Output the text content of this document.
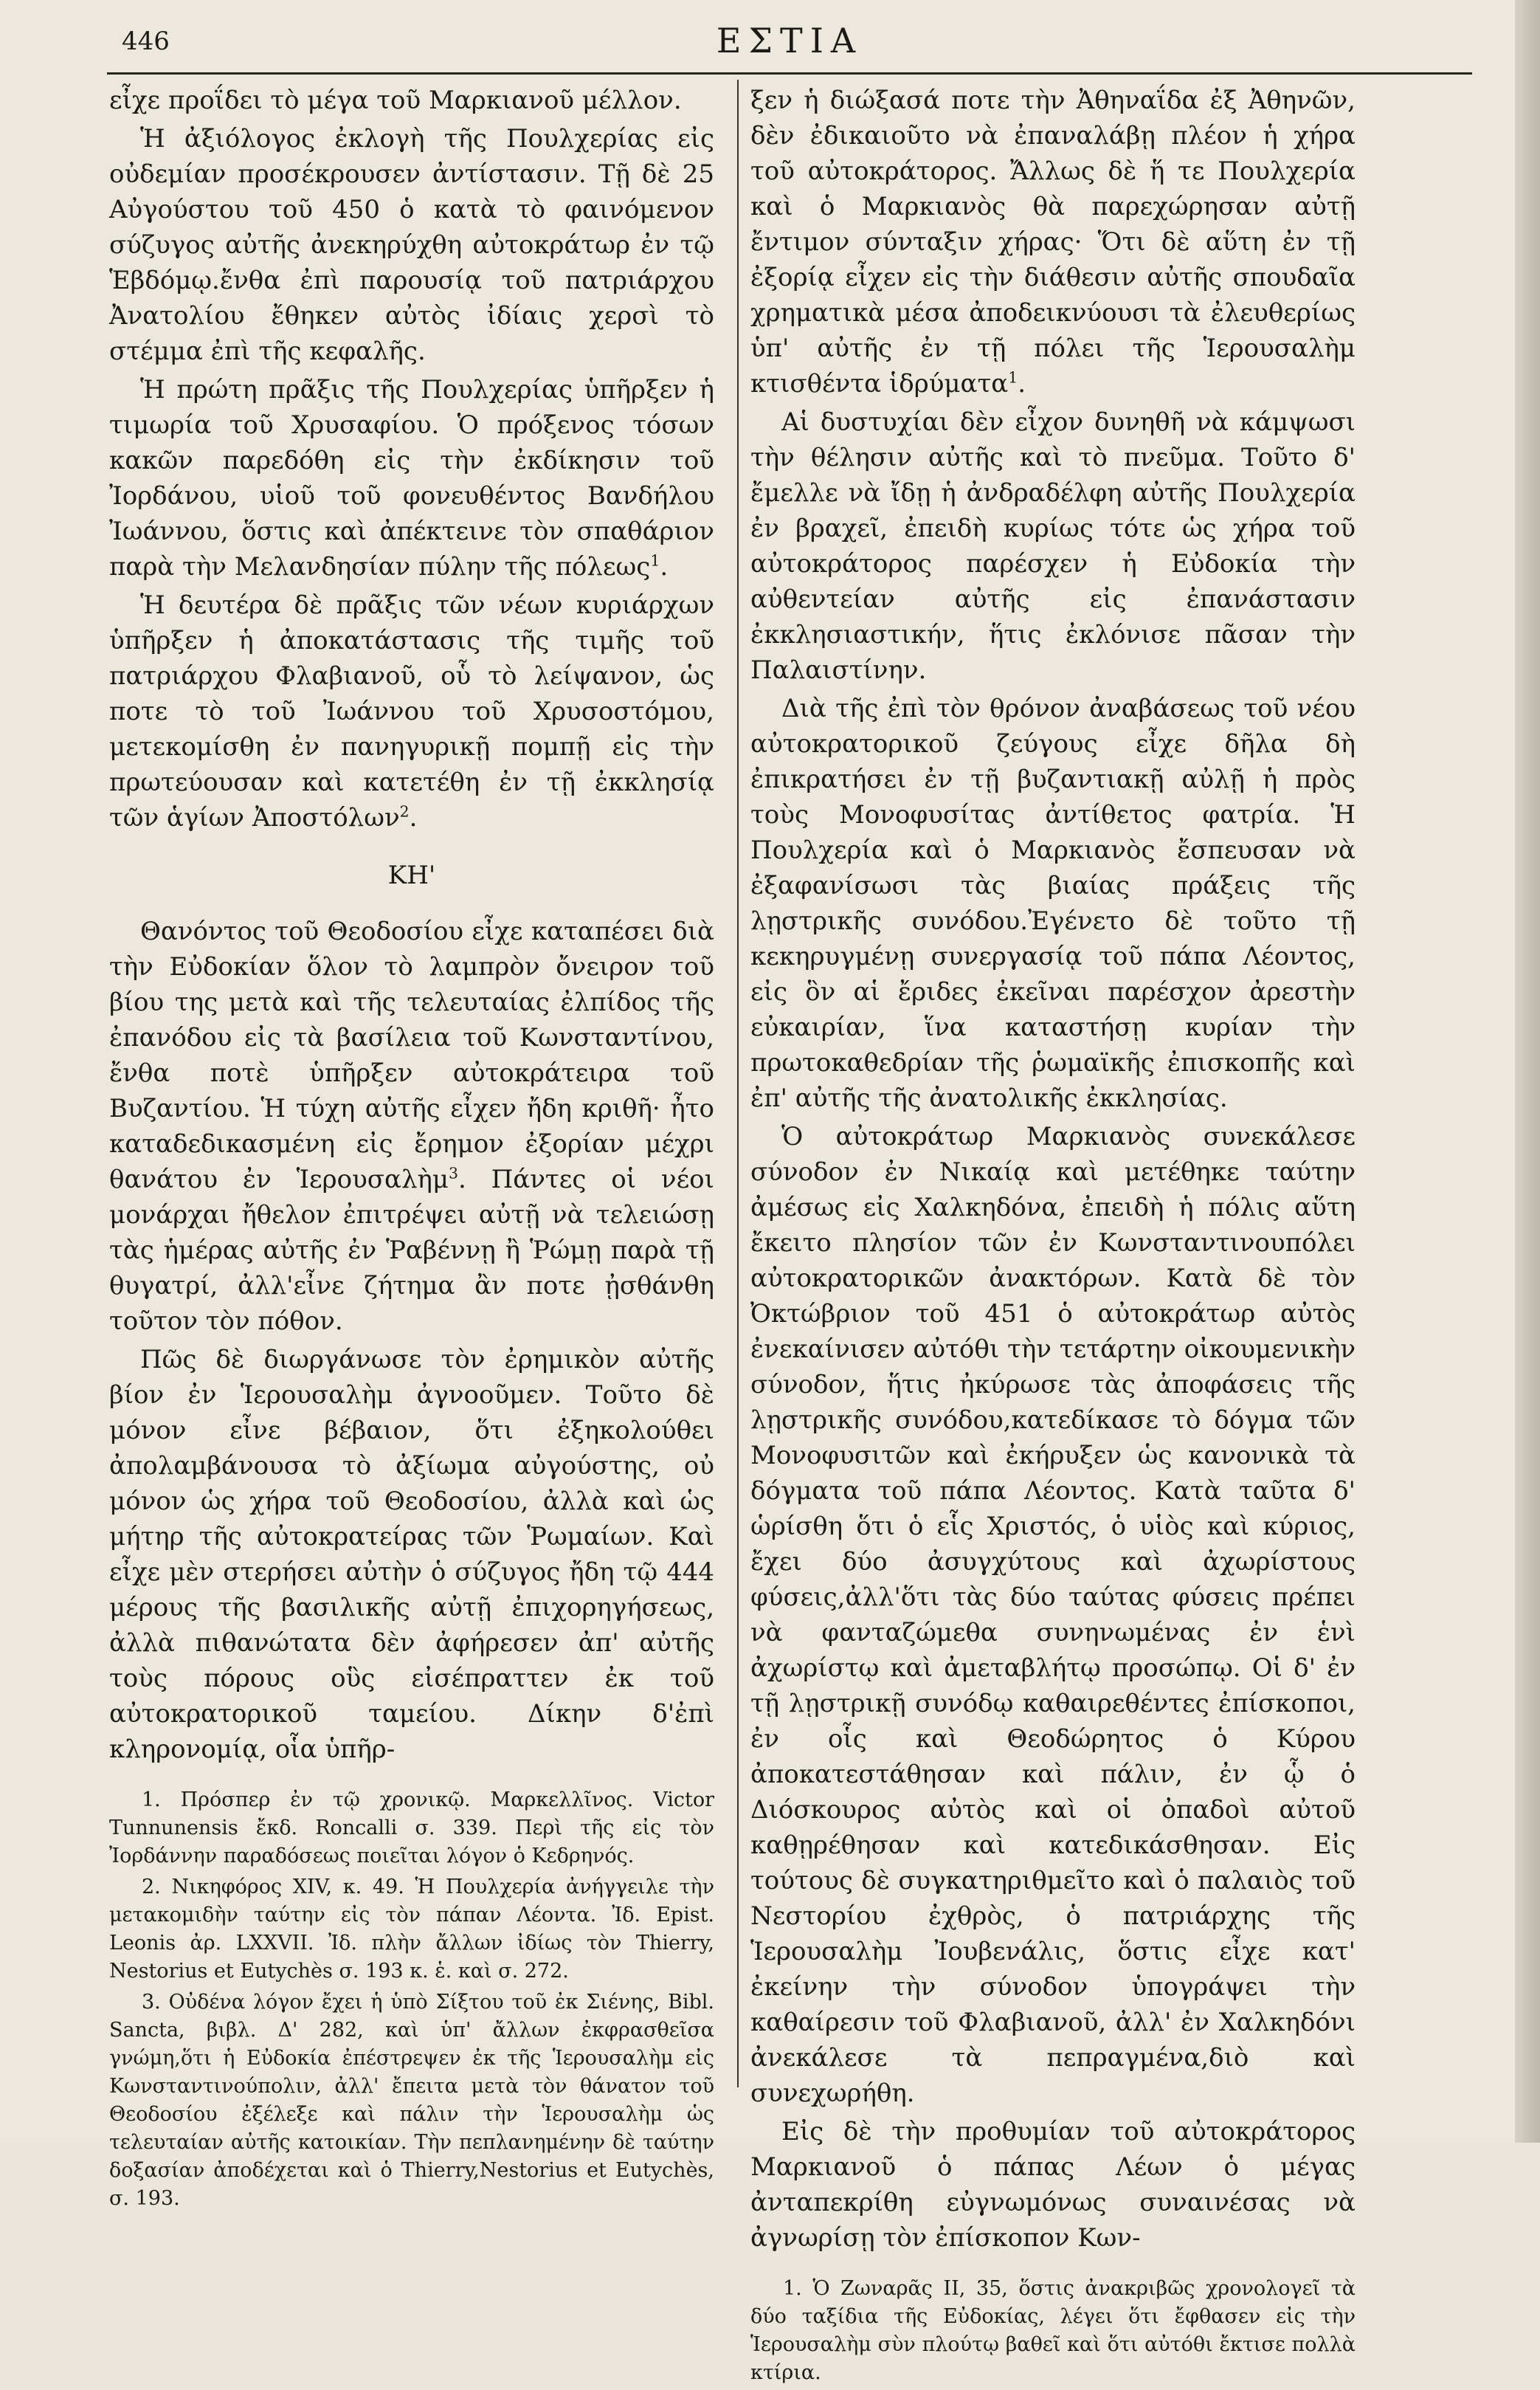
446	ΕΣΤΙΑ

εἶχε προΐδει τὸ μέγα τοῦ Μαρκιανοῦ μέλλον.

Ἡ ἀξιόλογος ἐκλογὴ τῆς Πουλχερίας εἰς οὐδεμίαν προσέκρουσεν ἀντίστασιν. Τῇ δὲ 25 Αὐγούστου τοῦ 450 ὁ κατὰ τὸ φαινόμενον σύζυγος αὐτῆς ἀνεκηρύχθη αὐτοκράτωρ ἐν τῷ Ἑβδόμῳ.ἔνθα ἐπὶ παρουσίᾳ τοῦ πατριάρχου Ἀνατολίου ἔθηκεν αὐτὸς ἰδίαις χερσὶ τὸ στέμμα ἐπὶ τῆς κεφαλῆς.

Ἡ πρώτη πρᾶξις τῆς Πουλχερίας ὑπῆρξεν ἡ τιμωρία τοῦ Χρυσαφίου. Ὁ πρόξενος τόσων κακῶν παρεδόθη εἰς τὴν ἐκδίκησιν τοῦ Ἰορδάνου, υἱοῦ τοῦ φονευθέντος Βανδήλου Ἰωάννου, ὅστις καὶ ἀπέκτεινε τὸν σπαθάριον παρὰ τὴν Μελανδησίαν πύλην τῆς πόλεως$^1$.

Ἡ δευτέρα δὲ πρᾶξις τῶν νέων κυριάρχων ὑπῆρξεν ἡ ἀποκατάστασις τῆς τιμῆς τοῦ πατριάρχου Φλαβιανοῦ, οὗ τὸ λείψανον, ὡς ποτε τὸ τοῦ Ἰωάννου τοῦ Χρυσοστόμου, μετεκομίσθη ἐν πανηγυρικῇ πομπῇ εἰς τὴν πρωτεύουσαν καὶ κατετέθη ἐν τῇ ἐκκλησίᾳ τῶν ἁγίων Ἀποστόλων$^2$.

ΚΗ'

Θανόντος τοῦ Θεοδοσίου εἶχε καταπέσει διὰ τὴν Εὐδοκίαν ὅλον τὸ λαμπρὸν ὄνειρον τοῦ βίου της μετὰ καὶ τῆς τελευταίας ἐλπίδος τῆς ἐπανόδου εἰς τὰ βασίλεια τοῦ Κωνσταντίνου, ἔνθα ποτὲ ὑπῆρξεν αὐτοκράτειρα τοῦ Βυζαντίου. Ἡ τύχη αὐτῆς εἶχεν ἤδη κριθῆ· ἦτο καταδεδικασμένη εἰς ἔρημον ἐξορίαν μέχρι θανάτου ἐν Ἱερουσαλὴμ$^3$. Πάντες οἱ νέοι μονάρχαι ἤθελον ἐπιτρέψει αὐτῇ νὰ τελειώσῃ τὰς ἡμέρας αὐτῆς ἐν Ῥαβέννῃ ἢ Ῥώμῃ παρὰ τῇ θυγατρί, ἀλλ'εἶνε ζήτημα ἂν ποτε ᾐσθάνθη τοῦτον τὸν πόθον.

Πῶς δὲ διωργάνωσε τὸν ἐρημικὸν αὐτῆς βίον ἐν Ἱερουσαλὴμ ἀγνοοῦμεν. Τοῦτο δὲ μόνον εἶνε βέβαιον, ὅτι ἐξηκολούθει ἀπολαμβάνουσα τὸ ἀξίωμα αὐγούστης, οὐ μόνον ὡς χήρα τοῦ Θεοδοσίου, ἀλλὰ καὶ ὡς μήτηρ τῆς αὐτοκρατείρας τῶν Ῥωμαίων. Καὶ εἶχε μὲν στερήσει αὐτὴν ὁ σύζυγος ἤδη τῷ 444 μέρους τῆς βασιλικῆς αὐτῇ ἐπιχορηγήσεως, ἀλλὰ πιθανώτατα δὲν ἀφήρεσεν ἀπ' αὐτῆς τοὺς πόρους οὓς εἰσέπραττεν ἐκ τοῦ αὐτοκρατορικοῦ ταμείου. Δίκην δ'ἐπὶ κληρονομίᾳ, οἷα ὑπῆρ-

1. Πρόσπερ ἐν τῷ χρονικῷ. Μαρκελλῖνος. Victor Tunnunensis ἔκδ. Roncalli σ. 339. Περὶ τῆς εἰς τὸν Ἰορδάννην παραδόσεως ποιεῖται λόγον ὁ Κεδρηνός.

2. Νικηφόρος XIV, κ. 49. Ἡ Πουλχερία ἀνήγγειλε τὴν μετακομιδὴν ταύτην εἰς τὸν πάπαν Λέοντα. Ἰδ. Epist. Leonis ἀρ. LXXVII. Ἰδ. πλὴν ἄλλων ἰδίως τὸν Thierry, Nestorius et Eutychès σ. 193 κ. ἑ. καὶ σ. 272.

3. Οὐδένα λόγον ἔχει ἡ ὑπὸ Σίξτου τοῦ ἐκ Σιένης, Bibl. Sancta, βιβλ. Δ' 282, καὶ ὑπ' ἄλλων ἐκφρασθεῖσα γνώμη,ὅτι ἡ Εὐδοκία ἐπέστρεψεν ἐκ τῆς Ἱερουσαλὴμ εἰς Κωνσταντινούπολιν, ἀλλ' ἔπειτα μετὰ τὸν θάνατον τοῦ Θεοδοσίου ἐξέλεξε καὶ πάλιν τὴν Ἱερουσαλὴμ ὡς τελευταίαν αὐτῆς κατοικίαν. Τὴν πεπλανημένην δὲ ταύτην δοξασίαν ἀποδέχεται καὶ ὁ Thierry,Nestorius et Eutychès, σ. 193.

ξεν ἡ διώξασά ποτε τὴν Ἀθηναΐδα ἐξ Ἀθηνῶν, δὲν ἐδικαιοῦτο νὰ ἐπαναλάβῃ πλέον ἡ χήρα τοῦ αὐτοκράτορος. Ἄλλως δὲ ἥ τε Πουλχερία καὶ ὁ Μαρκιανὸς θὰ παρεχώρησαν αὐτῇ ἔντιμον σύνταξιν χήρας· Ὅτι δὲ αὕτη ἐν τῇ ἐξορίᾳ εἶχεν εἰς τὴν διάθεσιν αὐτῆς σπουδαῖα χρηματικὰ μέσα ἀποδεικνύουσι τὰ ἐλευθερίως ὑπ' αὐτῆς ἐν τῇ πόλει τῆς Ἱερουσαλὴμ κτισθέντα ἱδρύματα$^1$.

Αἱ δυστυχίαι δὲν εἶχον δυνηθῆ νὰ κάμψωσι τὴν θέλησιν αὐτῆς καὶ τὸ πνεῦμα. Τοῦτο δ' ἔμελλε νὰ ἴδῃ ἡ ἀνδραδέλφη αὐτῆς Πουλχερία ἐν βραχεῖ, ἐπειδὴ κυρίως τότε ὡς χήρα τοῦ αὐτοκράτορος παρέσχεν ἡ Εὐδοκία τὴν αὐθεντείαν αὐτῆς εἰς ἐπανάστασιν ἐκκλησιαστικήν, ἥτις ἐκλόνισε πᾶσαν τὴν Παλαιστίνην.

Διὰ τῆς ἐπὶ τὸν θρόνον ἀναβάσεως τοῦ νέου αὐτοκρατορικοῦ ζεύγους εἶχε δῆλα δὴ ἐπικρατήσει ἐν τῇ βυζαντιακῇ αὐλῇ ἡ πρὸς τοὺς Μονοφυσίτας ἀντίθετος φατρία. Ἡ Πουλχερία καὶ ὁ Μαρκιανὸς ἔσπευσαν νὰ ἐξαφανίσωσι τὰς βιαίας πράξεις τῆς λῃστρικῆς συνόδου.Ἐγένετο δὲ τοῦτο τῇ κεκηρυγμένῃ συνεργασίᾳ τοῦ πάπα Λέοντος, εἰς ὃν αἱ ἔριδες ἐκεῖναι παρέσχον ἀρεστὴν εὐκαιρίαν, ἵνα καταστήσῃ κυρίαν τὴν πρωτοκαθεδρίαν τῆς ῥωμαϊκῆς ἐπισκοπῆς καὶ ἐπ' αὐτῆς τῆς ἀνατολικῆς ἐκκλησίας.

Ὁ αὐτοκράτωρ Μαρκιανὸς συνεκάλεσε σύνοδον ἐν Νικαίᾳ καὶ μετέθηκε ταύτην ἀμέσως εἰς Χαλκηδόνα, ἐπειδὴ ἡ πόλις αὕτη ἔκειτο πλησίον τῶν ἐν Κωνσταντινουπόλει αὐτοκρατορικῶν ἀνακτόρων. Κατὰ δὲ τὸν Ὀκτώβριον τοῦ 451 ὁ αὐτοκράτωρ αὐτὸς ἐνεκαίνισεν αὐτόθι τὴν τετάρτην οἰκουμενικὴν σύνοδον, ἥτις ἠκύρωσε τὰς ἀποφάσεις τῆς λῃστρικῆς συνόδου,κατεδίκασε τὸ δόγμα τῶν Μονοφυσιτῶν καὶ ἐκήρυξεν ὡς κανονικὰ τὰ δόγματα τοῦ πάπα Λέοντος. Κατὰ ταῦτα δ' ὡρίσθη ὅτι ὁ εἷς Χριστός, ὁ υἱὸς καὶ κύριος, ἔχει δύο ἀσυγχύτους καὶ ἀχωρίστους φύσεις,ἀλλ'ὅτι τὰς δύο ταύτας φύσεις πρέπει νὰ φανταζώμεθα συνηνωμένας ἐν ἑνὶ ἀχωρίστῳ καὶ ἀμεταβλήτῳ προσώπῳ. Οἱ δ' ἐν τῇ λῃστρικῇ συνόδῳ καθαιρεθέντες ἐπίσκοποι, ἐν οἷς καὶ Θεοδώρητος ὁ Κύρου ἀποκατεστάθησαν καὶ πάλιν, ἐν ᾧ ὁ Διόσκουρος αὐτὸς καὶ οἱ ὀπαδοὶ αὐτοῦ καθῃρέθησαν καὶ κατεδικάσθησαν. Εἰς τούτους δὲ συγκατηριθμεῖτο καὶ ὁ παλαιὸς τοῦ Νεστορίου ἐχθρὸς, ὁ πατριάρχης τῆς Ἱερουσαλὴμ Ἰουβενάλις, ὅστις εἶχε κατ' ἐκείνην τὴν σύνοδον ὑπογράψει τὴν καθαίρεσιν τοῦ Φλαβιανοῦ, ἀλλ' ἐν Χαλκηδόνι ἀνεκάλεσε τὰ πεπραγμένα,διὸ καὶ συνεχωρήθη.

Εἰς δὲ τὴν προθυμίαν τοῦ αὐτοκράτορος Μαρκιανοῦ ὁ πάπας Λέων ὁ μέγας ἀνταπεκρίθη εὐγνωμόνως συναινέσας νὰ ἀγνωρίσῃ τὸν ἐπίσκοπον Κων-

1. Ὁ Ζωναρᾶς II, 35, ὅστις ἀνακριβῶς χρονολογεῖ τὰ δύο ταξίδια τῆς Εὐδοκίας, λέγει ὅτι ἔφθασεν εἰς τὴν Ἱερουσαλὴμ σὺν πλούτῳ βαθεῖ καὶ ὅτι αὐτόθι ἔκτισε πολλὰ κτίρια.
